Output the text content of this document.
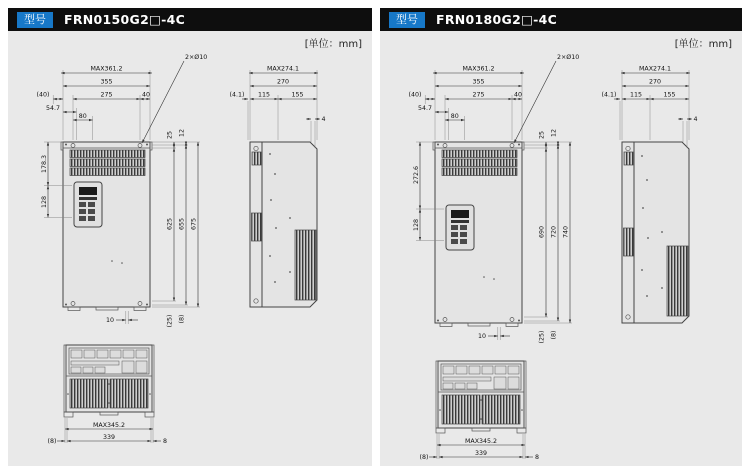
型号	FRN0150G2□-4C
[单位：mm]
MAX361.2
355
275	40
(40)
54.7
80
2×Ø10
25 12
625 655 675
(25) (8)
178.3
128
10
MAX274.1
270
115	155
(4.1)
4
MAX345.2
339
(8)	8
型号	FRN0180G2□-4C
[单位：mm]
MAX361.2
355
275	40
(40)
54.7
80
2×Ø10
25 12
690 720 740
(25) (8)
272.6
128
10
MAX274.1
270
115	155
(4.1)
4
MAX345.2
339
(8)	8
